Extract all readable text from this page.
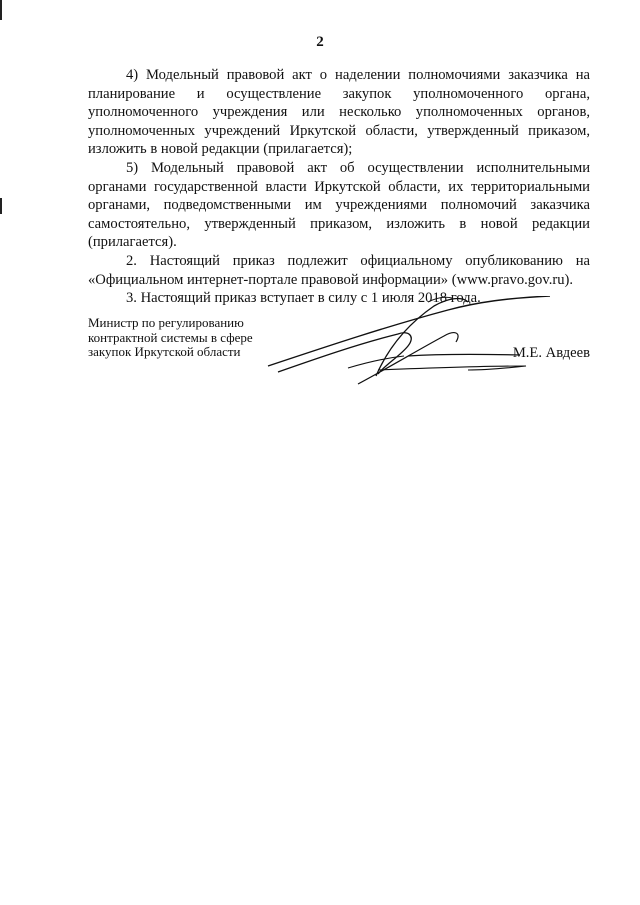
2

4) Модельный правовой акт о наделении полномочиями заказчика на планирование и осуществление закупок уполномоченного органа, уполномоченного учреждения или несколько уполномоченных органов, уполномоченных учреждений Иркутской области, утвержденный приказом, изложить в новой редакции (прилагается);

5) Модельный правовой акт об осуществлении исполнительными органами государственной власти Иркутской области, их территориальными органами, подведомственными им учреждениями полномочий заказчика самостоятельно, утвержденный приказом, изложить в новой редакции (прилагается).

2. Настоящий приказ подлежит официальному опубликованию на «Официальном интернет-портале правовой информации» (www.pravo.gov.ru).

3. Настоящий приказ вступает в силу с 1 июля 2018 года.

Министр по регулированию
контрактной системы в сфере
закупок Иркутской области	М.Е. Авдеев
